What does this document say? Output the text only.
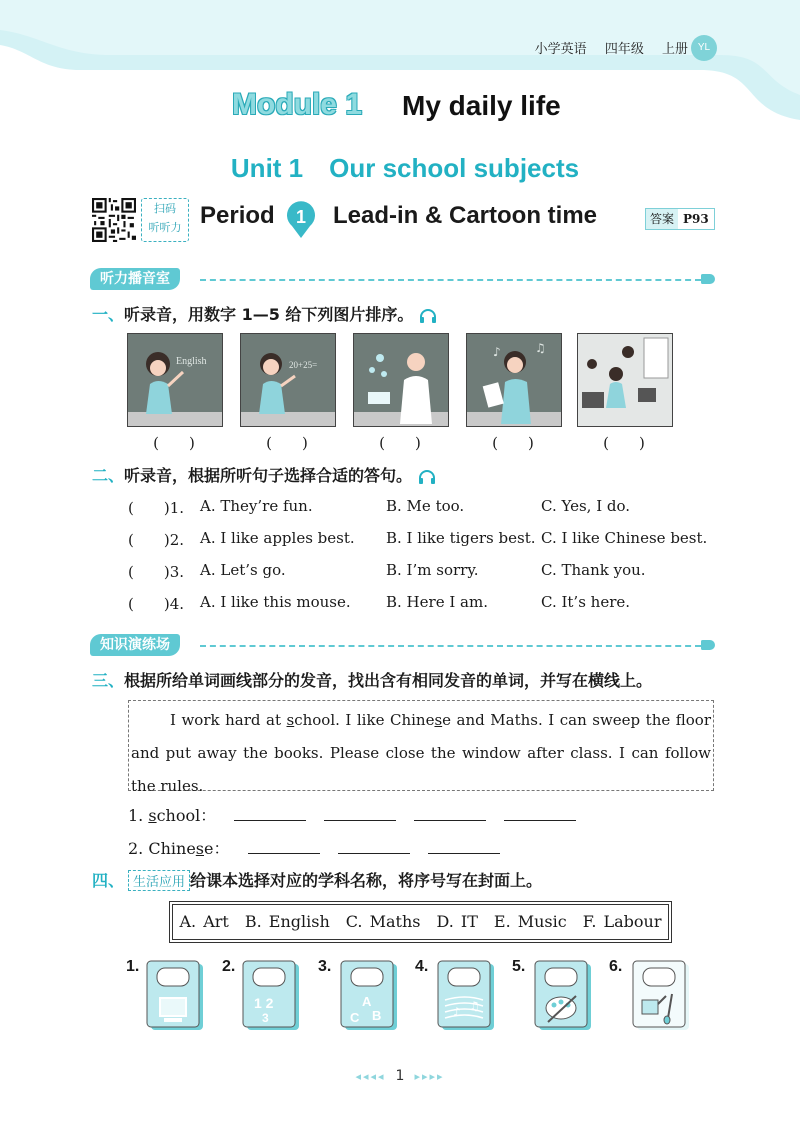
小学英语 四年级 上册 YL
Module 1 My daily life
Unit 1　Our school subjects
扫码
听听力 Period 1 Lead-in & Cartoon time	答案 P93
听力播音室
一、听录音，用数字 1—5 给下列图片排序。
English	20+25=
♪	♫
(　　)	(　　)	(　　)	(　　)	(　　)
二、听录音，根据所听句子选择合适的答句。
(　　)1. A. They’re fun.	B. Me too.	C. Yes, I do.
(　　)2. A. I like apples best. B. I like tigers best. C. I like Chinese best.
(　　)3. A. Let’s go.	B. I’m sorry.	C. Thank you.
(　　)4. A. I like this mouse. B. Here I am.	C. It’s here.
知识演练场
三、根据所给单词画线部分的发音，找出含有相同发音的单词，并写在横线上。

I work hard at school. I like Chinese and Maths. I can sweep the floor and put away the books. Please close the window after class. I can follow the rules.

1. school：
2. Chinese：
四、 生活应用 给课本选择对应的学科名称，将序号写在封面上。
A. Art　B. English　C. Maths　D. IT　E. Music　F. Labour
1.	2.
1 2
3
3.
A
C B
4.
♪ ♫
5.	6.
◂◂◂◂ 1 ▸▸▸▸
